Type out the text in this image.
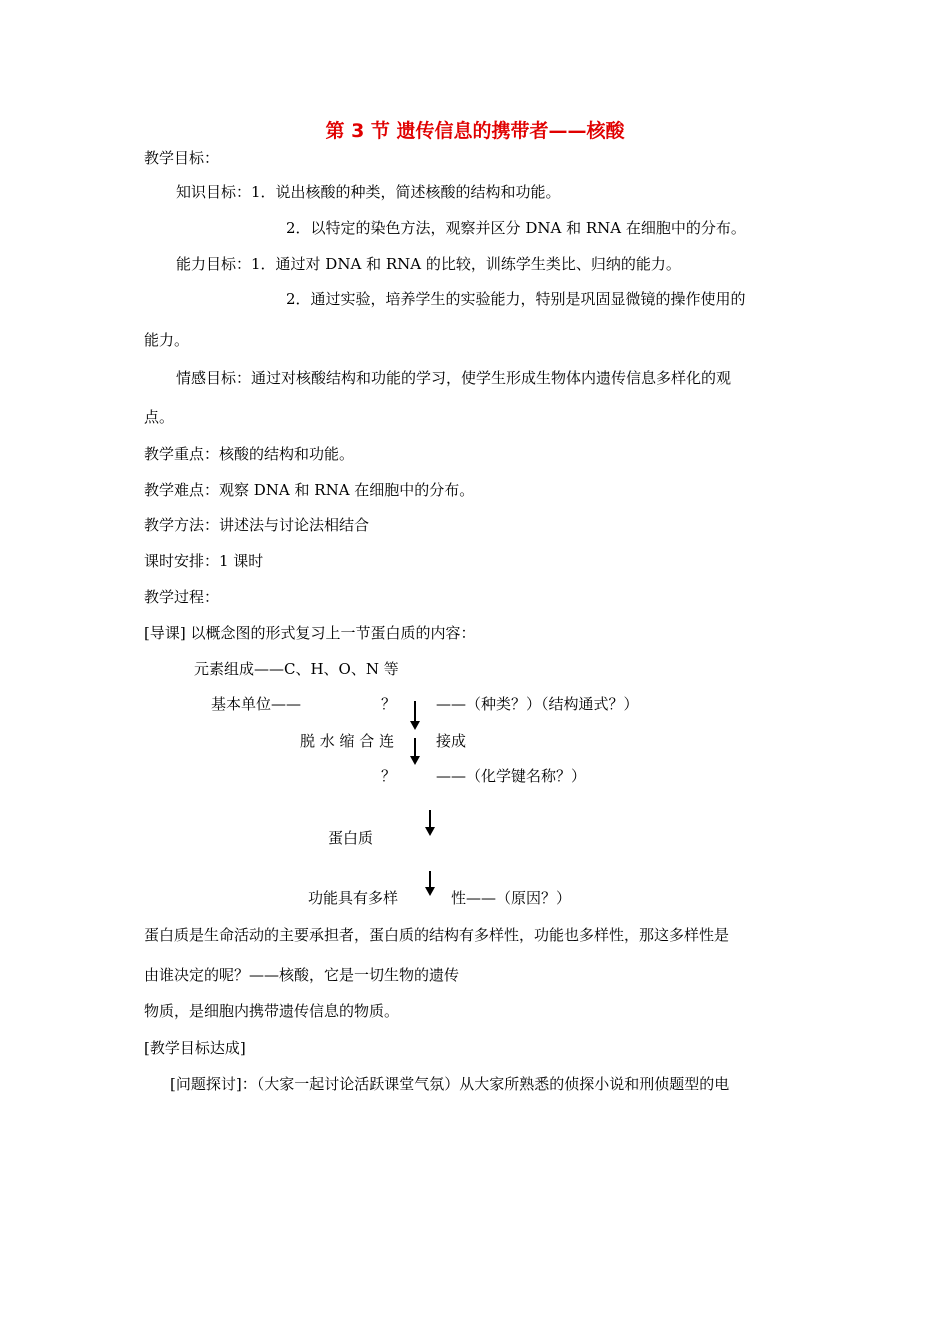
第 3 节 遗传信息的携带者——核酸
教学目标：
知识目标：1．说出核酸的种类，简述核酸的结构和功能。
2．以特定的染色方法，观察并区分 DNA 和 RNA 在细胞中的分布。
能力目标：1．通过对 DNA 和 RNA 的比较，训练学生类比、归纳的能力。
2．通过实验，培养学生的实验能力，特别是巩固显微镜的操作使用的
能力。
情感目标：通过对核酸结构和功能的学习，使学生形成生物体内遗传信息多样化的观
点。
教学重点：核酸的结构和功能。
教学难点：观察 DNA 和 RNA 在细胞中的分布。
教学方法：讲述法与讨论法相结合
课时安排：1 课时
教学过程：
[导课] 以概念图的形式复习上一节蛋白质的内容：
元素组成——C、H、O、N 等
基本单位——	？	——（种类？）（结构通式？）
脱 水 缩 合 连	接成
？	——（化学键名称？）
蛋白质
功能具有多样	性——（原因？）
蛋白质是生命活动的主要承担者，蛋白质的结构有多样性，功能也多样性，那这多样性是
由谁决定的呢？——核酸，它是一切生物的遗传
物质，是细胞内携带遗传信息的物质。
[教学目标达成]
[问题探讨]：（大家一起讨论活跃课堂气氛）从大家所熟悉的侦探小说和刑侦题型的电
